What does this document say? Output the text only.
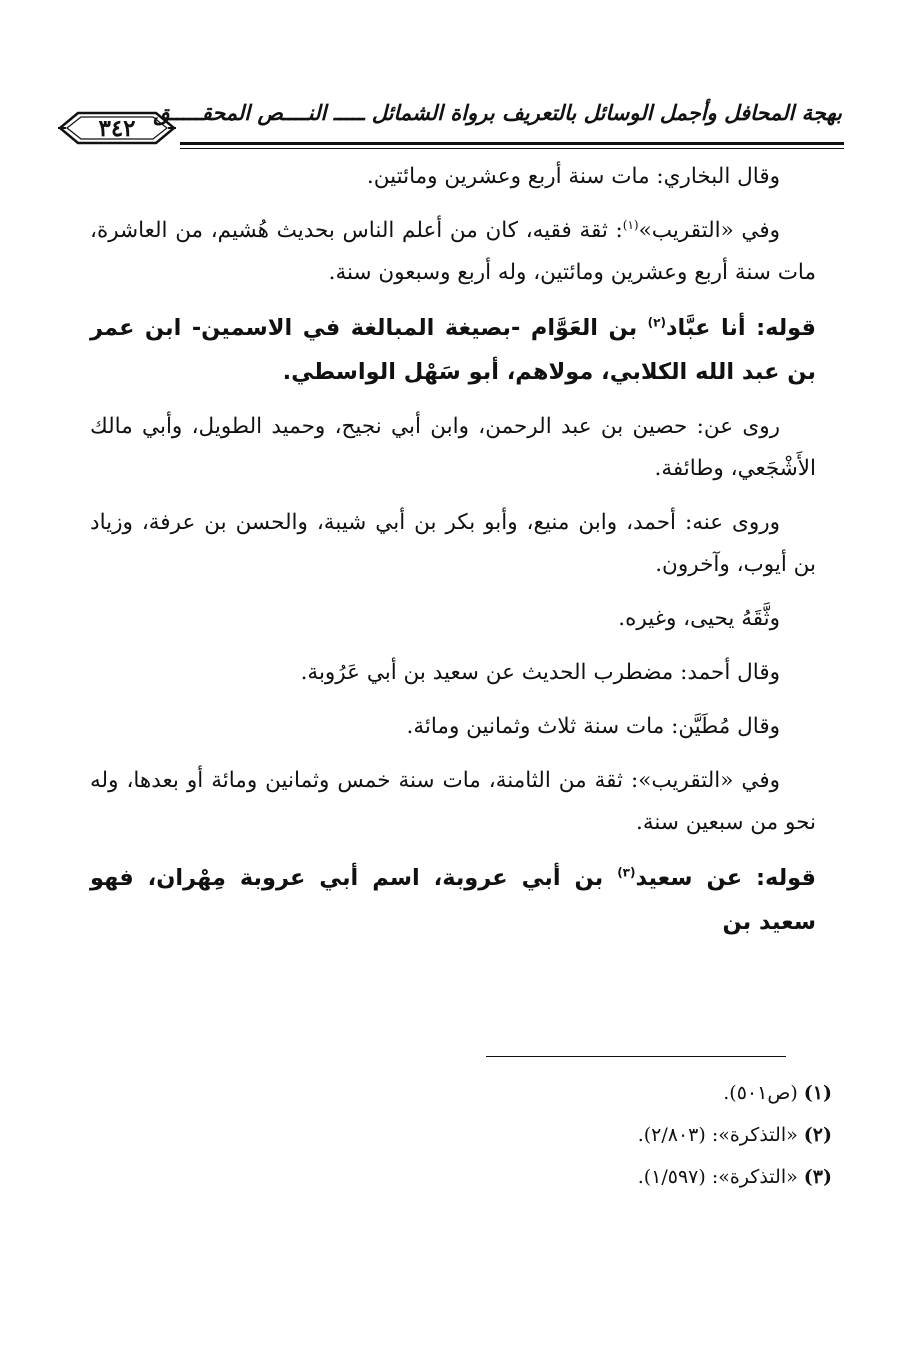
٣٤٢
بهجة المحافل وأجمل الوسائل بالتعريف برواة الشمائل ـــــ النــــص المحقـــــق

وقال البخاري: مات سنة أربع وعشرين ومائتين.

وفي «التقريب»$^{(١)}$: ثقة فقيه، كان من أعلم الناس بحديث هُشيم، من العاشرة، مات سنة أربع وعشرين ومائتين، وله أربع وسبعون سنة.

قوله: أنا عبَّاد$^{(٢)}$ بن العَوَّام -بصيغة المبالغة في الاسمين- ابن عمر بن عبد الله الكلابي، مولاهم، أبو سَهْل الواسطي.

روى عن: حصين بن عبد الرحمن، وابن أبي نجيح، وحميد الطويل، وأبي مالك الأَشْجَعي، وطائفة.

وروى عنه: أحمد، وابن منيع، وأبو بكر بن أبي شيبة، والحسن بن عرفة، وزياد بن أيوب، وآخرون.

وثَّقَهُ يحيى، وغيره.

وقال أحمد: مضطرب الحديث عن سعيد بن أبي عَرُوبة.

وقال مُطَيَّن: مات سنة ثلاث وثمانين ومائة.

وفي «التقريب»: ثقة من الثامنة، مات سنة خمس وثمانين ومائة أو بعدها، وله نحو من سبعين سنة.

قوله: عن سعيد$^{(٣)}$ بن أبي عروبة، اسم أبي عروبة مِهْران، فهو سعيد بن

(١) (ص٥٠١).

(٢) «التذكرة»: (٢/٨٠٣).

(٣) «التذكرة»: (١/٥٩٧).
